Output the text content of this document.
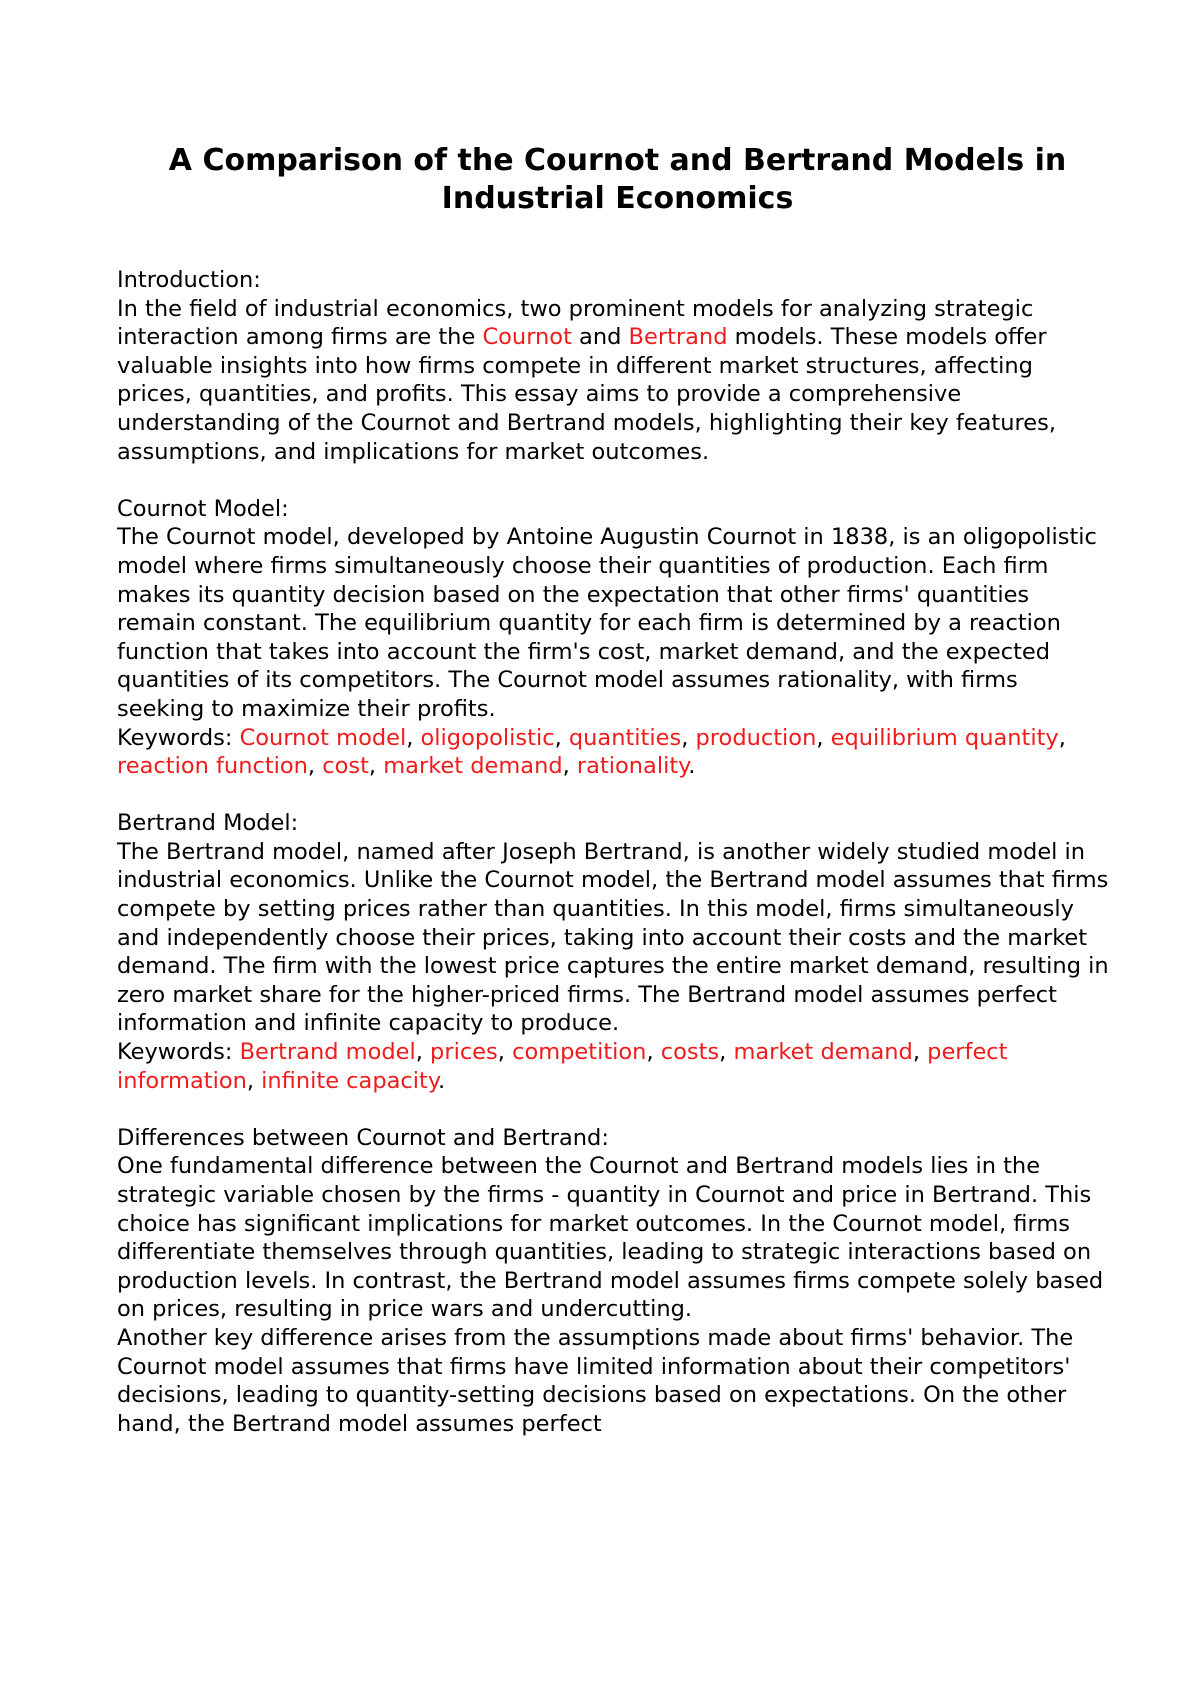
A Comparison of the Cournot and Bertrand Models in
Industrial Economics

Introduction:

In the field of industrial economics, two prominent models for analyzing strategic interaction among firms are the Cournot and Bertrand models. These models offer valuable insights into how firms compete in different market structures, affecting prices, quantities, and profits. This essay aims to provide a comprehensive understanding of the Cournot and Bertrand models, highlighting their key features, assumptions, and implications for market outcomes.

Cournot Model:

The Cournot model, developed by Antoine Augustin Cournot in 1838, is an oligopolistic model where firms simultaneously choose their quantities of production. Each firm makes its quantity decision based on the expectation that other firms' quantities remain constant. The equilibrium quantity for each firm is determined by a reaction function that takes into account the firm's cost, market demand, and the expected quantities of its competitors. The Cournot model assumes rationality, with firms seeking to maximize their profits.

Keywords: Cournot model, oligopolistic, quantities, production, equilibrium quantity, reaction function, cost, market demand, rationality.

Bertrand Model:

The Bertrand model, named after Joseph Bertrand, is another widely studied model in industrial economics. Unlike the Cournot model, the Bertrand model assumes that firms compete by setting prices rather than quantities. In this model, firms simultaneously and independently choose their prices, taking into account their costs and the market demand. The firm with the lowest price captures the entire market demand, resulting in zero market share for the higher-priced firms. The Bertrand model assumes perfect information and infinite capacity to produce.

Keywords: Bertrand model, prices, competition, costs, market demand, perfect information, infinite capacity.

Differences between Cournot and Bertrand:

One fundamental difference between the Cournot and Bertrand models lies in the strategic variable chosen by the firms - quantity in Cournot and price in Bertrand. This choice has significant implications for market outcomes. In the Cournot model, firms differentiate themselves through quantities, leading to strategic interactions based on production levels. In contrast, the Bertrand model assumes firms compete solely based on prices, resulting in price wars and undercutting.

Another key difference arises from the assumptions made about firms' behavior. The Cournot model assumes that firms have limited information about their competitors' decisions, leading to quantity-setting decisions based on expectations. On the other hand, the Bertrand model assumes perfect
